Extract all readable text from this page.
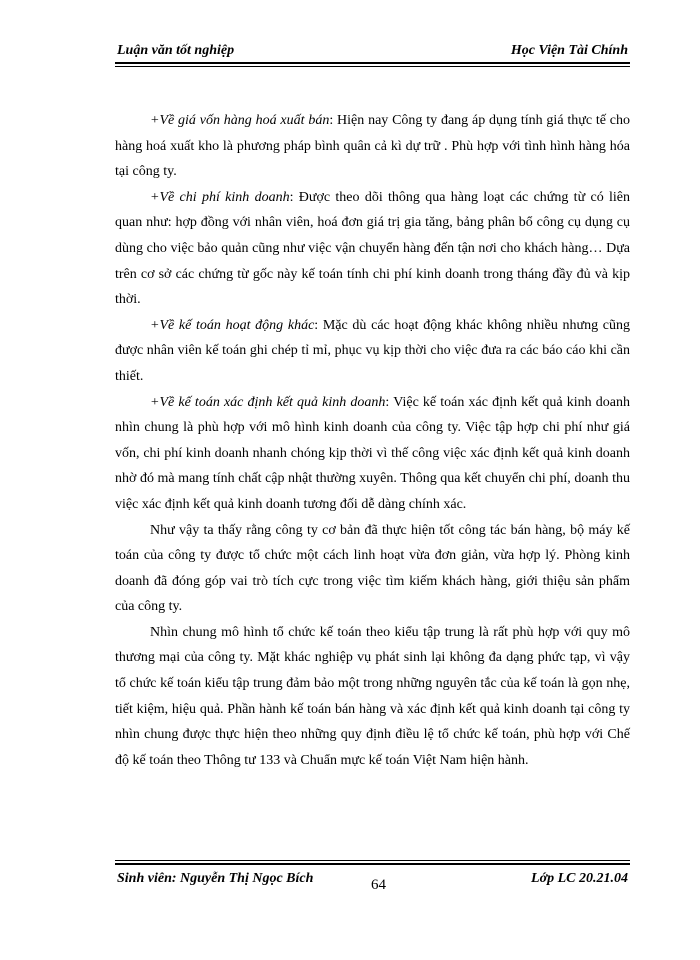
Luận văn tốt nghiệp	Học Viện Tài Chính

+Về giá vốn hàng hoá xuất bán: Hiện nay Công ty đang áp dụng tính giá thực tế cho hàng hoá xuất kho là phương pháp bình quân cả kì dự trữ . Phù hợp với tình hình hàng hóa tại công ty.

+Về chi phí kinh doanh: Được theo dõi thông qua hàng loạt các chứng từ có liên quan như: hợp đồng với nhân viên, hoá đơn giá trị gia tăng, bảng phân bổ công cụ dụng cụ dùng cho việc bảo quản cũng như việc vận chuyển hàng đến tận nơi cho khách hàng… Dựa trên cơ sở các chứng từ gốc này kế toán tính chi phí kinh doanh trong tháng đầy đủ và kịp thời.

+Về kế toán hoạt động khác: Mặc dù các hoạt động khác không nhiều nhưng cũng được nhân viên kế toán ghi chép tỉ mỉ, phục vụ kịp thời cho việc đưa ra các báo cáo khi cần thiết.

+Về kế toán xác định kết quả kinh doanh: Việc kế toán xác định kết quả kinh doanh nhìn chung là phù hợp với mô hình kinh doanh của công ty. Việc tập hợp chi phí như giá vốn, chi phí kinh doanh nhanh chóng kịp thời vì thế công việc xác định kết quả kinh doanh nhờ đó mà mang tính chất cập nhật thường xuyên. Thông qua kết chuyển chi phí, doanh thu việc xác định kết quả kinh doanh tương đối dễ dàng chính xác.

Như vậy ta thấy rằng công ty cơ bản đã thực hiện tốt công tác bán hàng, bộ máy kế toán của công ty được tổ chức một cách linh hoạt vừa đơn giản, vừa hợp lý. Phòng kinh doanh đã đóng góp vai trò tích cực trong việc tìm kiếm khách hàng, giới thiệu sản phẩm của công ty.

Nhìn chung mô hình tổ chức kế toán theo kiểu tập trung là rất phù hợp với quy mô thương mại của công ty. Mặt khác nghiệp vụ phát sinh lại không đa dạng phức tạp, vì vậy tổ chức kế toán kiểu tập trung đảm bảo một trong những nguyên tắc của kế toán là gọn nhẹ, tiết kiệm, hiệu quả. Phần hành kế toán bán hàng và xác định kết quả kinh doanh tại công ty nhìn chung được thực hiện theo những quy định điều lệ tổ chức kế toán, phù hợp với Chế độ kế toán theo Thông tư 133 và Chuẩn mực kế toán Việt Nam hiện hành.

Sinh viên: Nguyễn Thị Ngọc Bích	64	Lớp LC 20.21.04
